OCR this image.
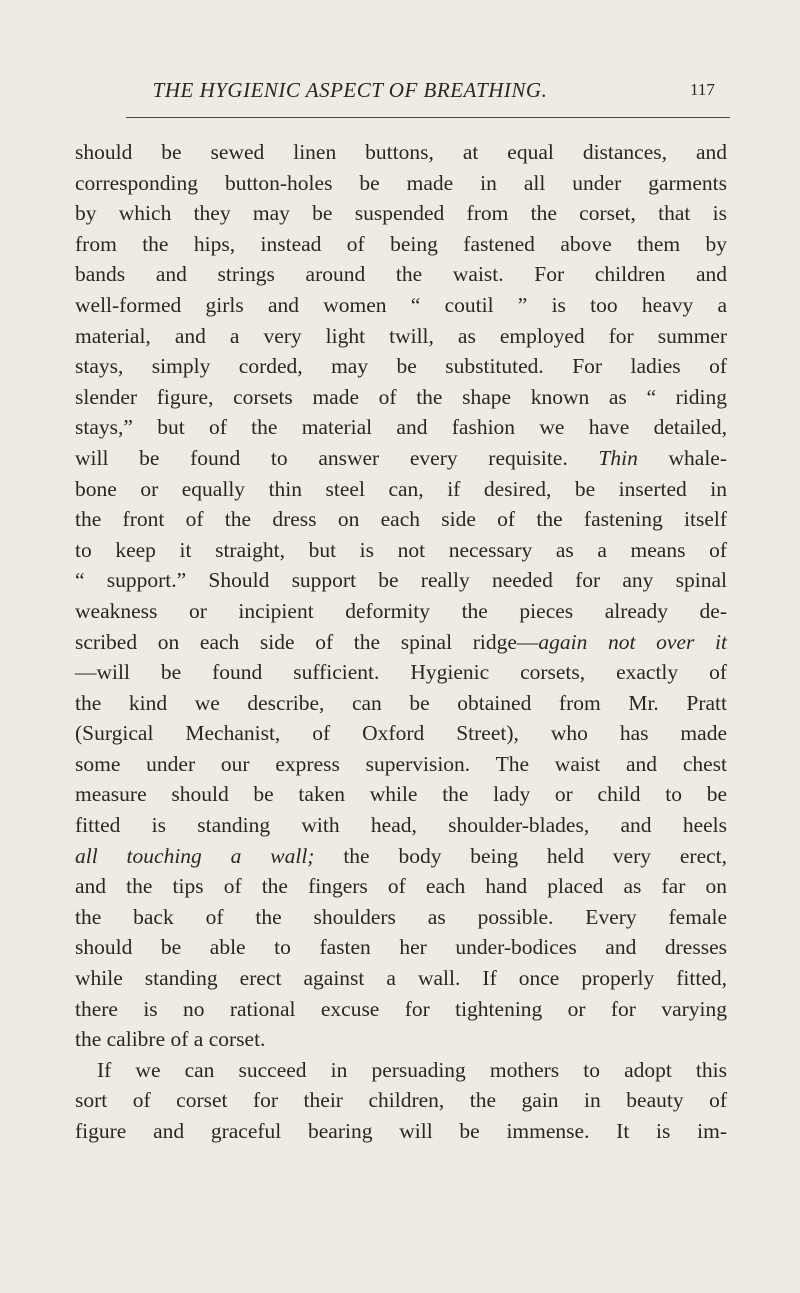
THE HYGIENIC ASPECT OF BREATHING.	117
should be sewed linen buttons, at equal distances, and
corresponding button-holes be made in all under garments
by which they may be suspended from the corset, that is
from the hips, instead of being fastened above them by
bands and strings around the waist. For children and
well-formed girls and women “ coutil ” is too heavy a
material, and a very light twill, as employed for summer
stays, simply corded, may be substituted. For ladies of
slender figure, corsets made of the shape known as “ riding
stays,” but of the material and fashion we have detailed,
will be found to answer every requisite. Thin whale-
bone or equally thin steel can, if desired, be inserted in
the front of the dress on each side of the fastening itself
to keep it straight, but is not necessary as a means of
“ support.” Should support be really needed for any spinal
weakness or incipient deformity the pieces already de-
scribed on each side of the spinal ridge—again not over it
—will be found sufficient. Hygienic corsets, exactly of
the kind we describe, can be obtained from Mr. Pratt
(Surgical Mechanist, of Oxford Street), who has made
some under our express supervision. The waist and chest
measure should be taken while the lady or child to be
fitted is standing with head, shoulder-blades, and heels
all touching a wall; the body being held very erect,
and the tips of the fingers of each hand placed as far on
the back of the shoulders as possible. Every female
should be able to fasten her under-bodices and dresses
while standing erect against a wall. If once properly fitted,
there is no rational excuse for tightening or for varying
the calibre of a corset.
If we can succeed in persuading mothers to adopt this
sort of corset for their children, the gain in beauty of
figure and graceful bearing will be immense. It is im-
